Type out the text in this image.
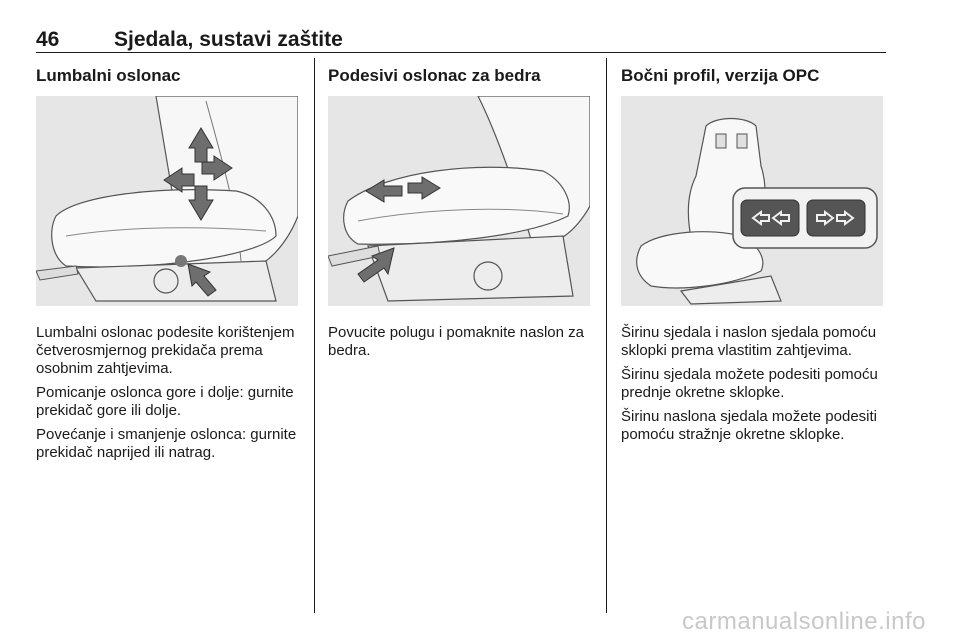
46	Sjedala, sustavi zaštite
Lumbalni oslonac

Lumbalni oslonac podesite korištenjem četverosmjernog prekidača prema osobnim zahtjevima.

Pomicanje oslonca gore i dolje: gurnite prekidač gore ili dolje.

Povećanje i smanjenje oslonca: gurnite prekidač naprijed ili natrag.

Podesivi oslonac za bedra

Povucite polugu i pomaknite naslon za bedra.

Bočni profil, verzija OPC

Širinu sjedala i naslon sjedala pomoću sklopki prema vlastitim zahtjevima.

Širinu sjedala možete podesiti pomoću prednje okretne sklopke.

Širinu naslona sjedala možete podesiti pomoću stražnje okretne sklopke.

carmanualsonline.info
